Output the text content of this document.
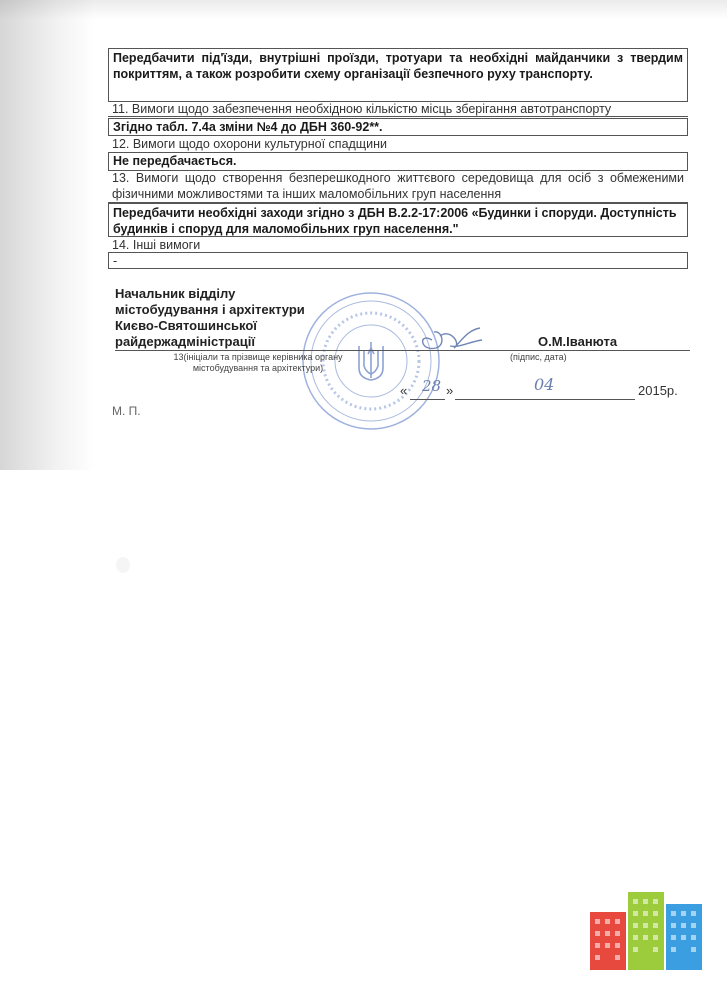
Передбачити під'їзди, внутрішні проїзди, тротуари та необхідні майданчики з твердим покриттям, а також розробити схему організації безпечного руху транспорту.
11. Вимоги щодо забезпечення необхідною кількістю місць зберігання автотранспорту
Згідно табл. 7.4а зміни №4 до ДБН 360-92**.
12. Вимоги щодо охорони культурної спадщини
Не передбачається.
13. Вимоги щодо створення безперешкодного життєвого середовища для осіб з обмеженими фізичними можливостями та інших маломобільних груп населення
Передбачити необхідні заходи згідно з ДБН В.2.2-17:2006 «Будинки і споруди. Доступність будинків і споруд для маломобільних груп населення."
14. Інші вимоги
-
Начальник відділу
містобудування і архітектури
Києво-Святошинської
райдержадміністрації	О.М.Іванюта
13(ініціали та прізвище керівника органу
містобудування та архітектури)
(підпис, дата)
« 28 »	04	2015р.
М. П.
